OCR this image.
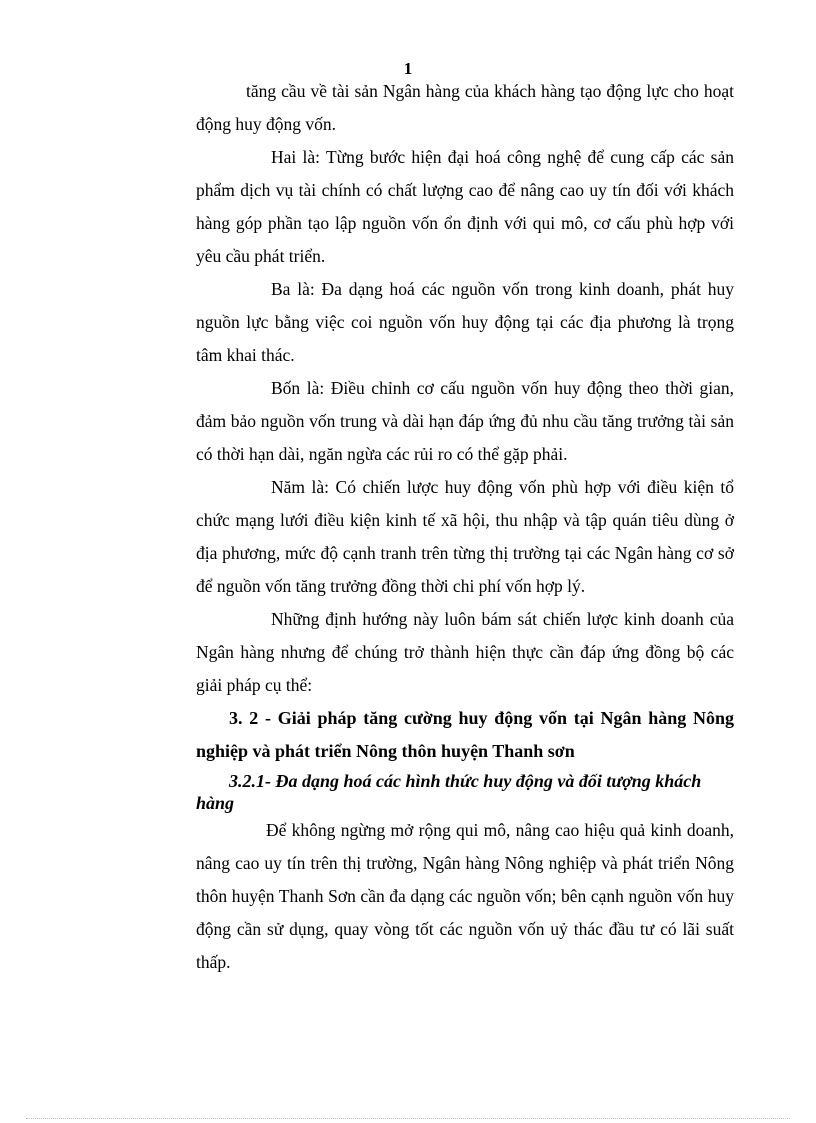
1

tăng cầu về tài sản Ngân hàng của khách hàng tạo động lực cho hoạt động huy động vốn.

Hai là: Từng bước hiện đại hoá công nghệ để cung cấp các sản phẩm dịch vụ tài chính có chất lượng cao để nâng cao uy tín đối với khách hàng góp phần tạo lập nguồn vốn ổn định với qui mô, cơ cấu phù hợp với yêu cầu phát triển.

Ba là: Đa dạng hoá các nguồn vốn trong kinh doanh, phát huy nguồn lực bằng việc coi nguồn vốn huy động tại các địa phương là trọng tâm khai thác.

Bốn là: Điều chỉnh cơ cấu nguồn vốn huy động theo thời gian, đảm bảo nguồn vốn trung và dài hạn đáp ứng đủ nhu cầu tăng trưởng tài sản có thời hạn dài, ngăn ngừa các rủi ro có thể gặp phải.

Năm là: Có chiến lược huy động vốn phù hợp với điều kiện tổ chức mạng lưới điều kiện kinh tế xã hội, thu nhập và tập quán tiêu dùng ở địa phương, mức độ cạnh tranh trên từng thị trường tại các Ngân hàng cơ sở để nguồn vốn tăng trưởng đồng thời chi phí vốn hợp lý.

Những định hướng này luôn bám sát chiến lược kinh doanh của Ngân hàng nhưng để chúng trở thành hiện thực cần đáp ứng đồng bộ các giải pháp cụ thể:

3. 2 - Giải pháp tăng cường huy động vốn tại Ngân hàng Nông nghiệp và phát triển Nông thôn huyện Thanh sơn

3.2.1- Đa dạng hoá các hình thức huy động và đối tượng khách hàng

Để không ngừng mở rộng qui mô, nâng cao hiệu quả kinh doanh, nâng cao uy tín trên thị trường, Ngân hàng Nông nghiệp và phát triển Nông thôn huyện Thanh Sơn cần đa dạng các nguồn vốn; bên cạnh nguồn vốn huy động cần sử dụng, quay vòng tốt các nguồn vốn uỷ thác đầu tư có lãi suất thấp.
